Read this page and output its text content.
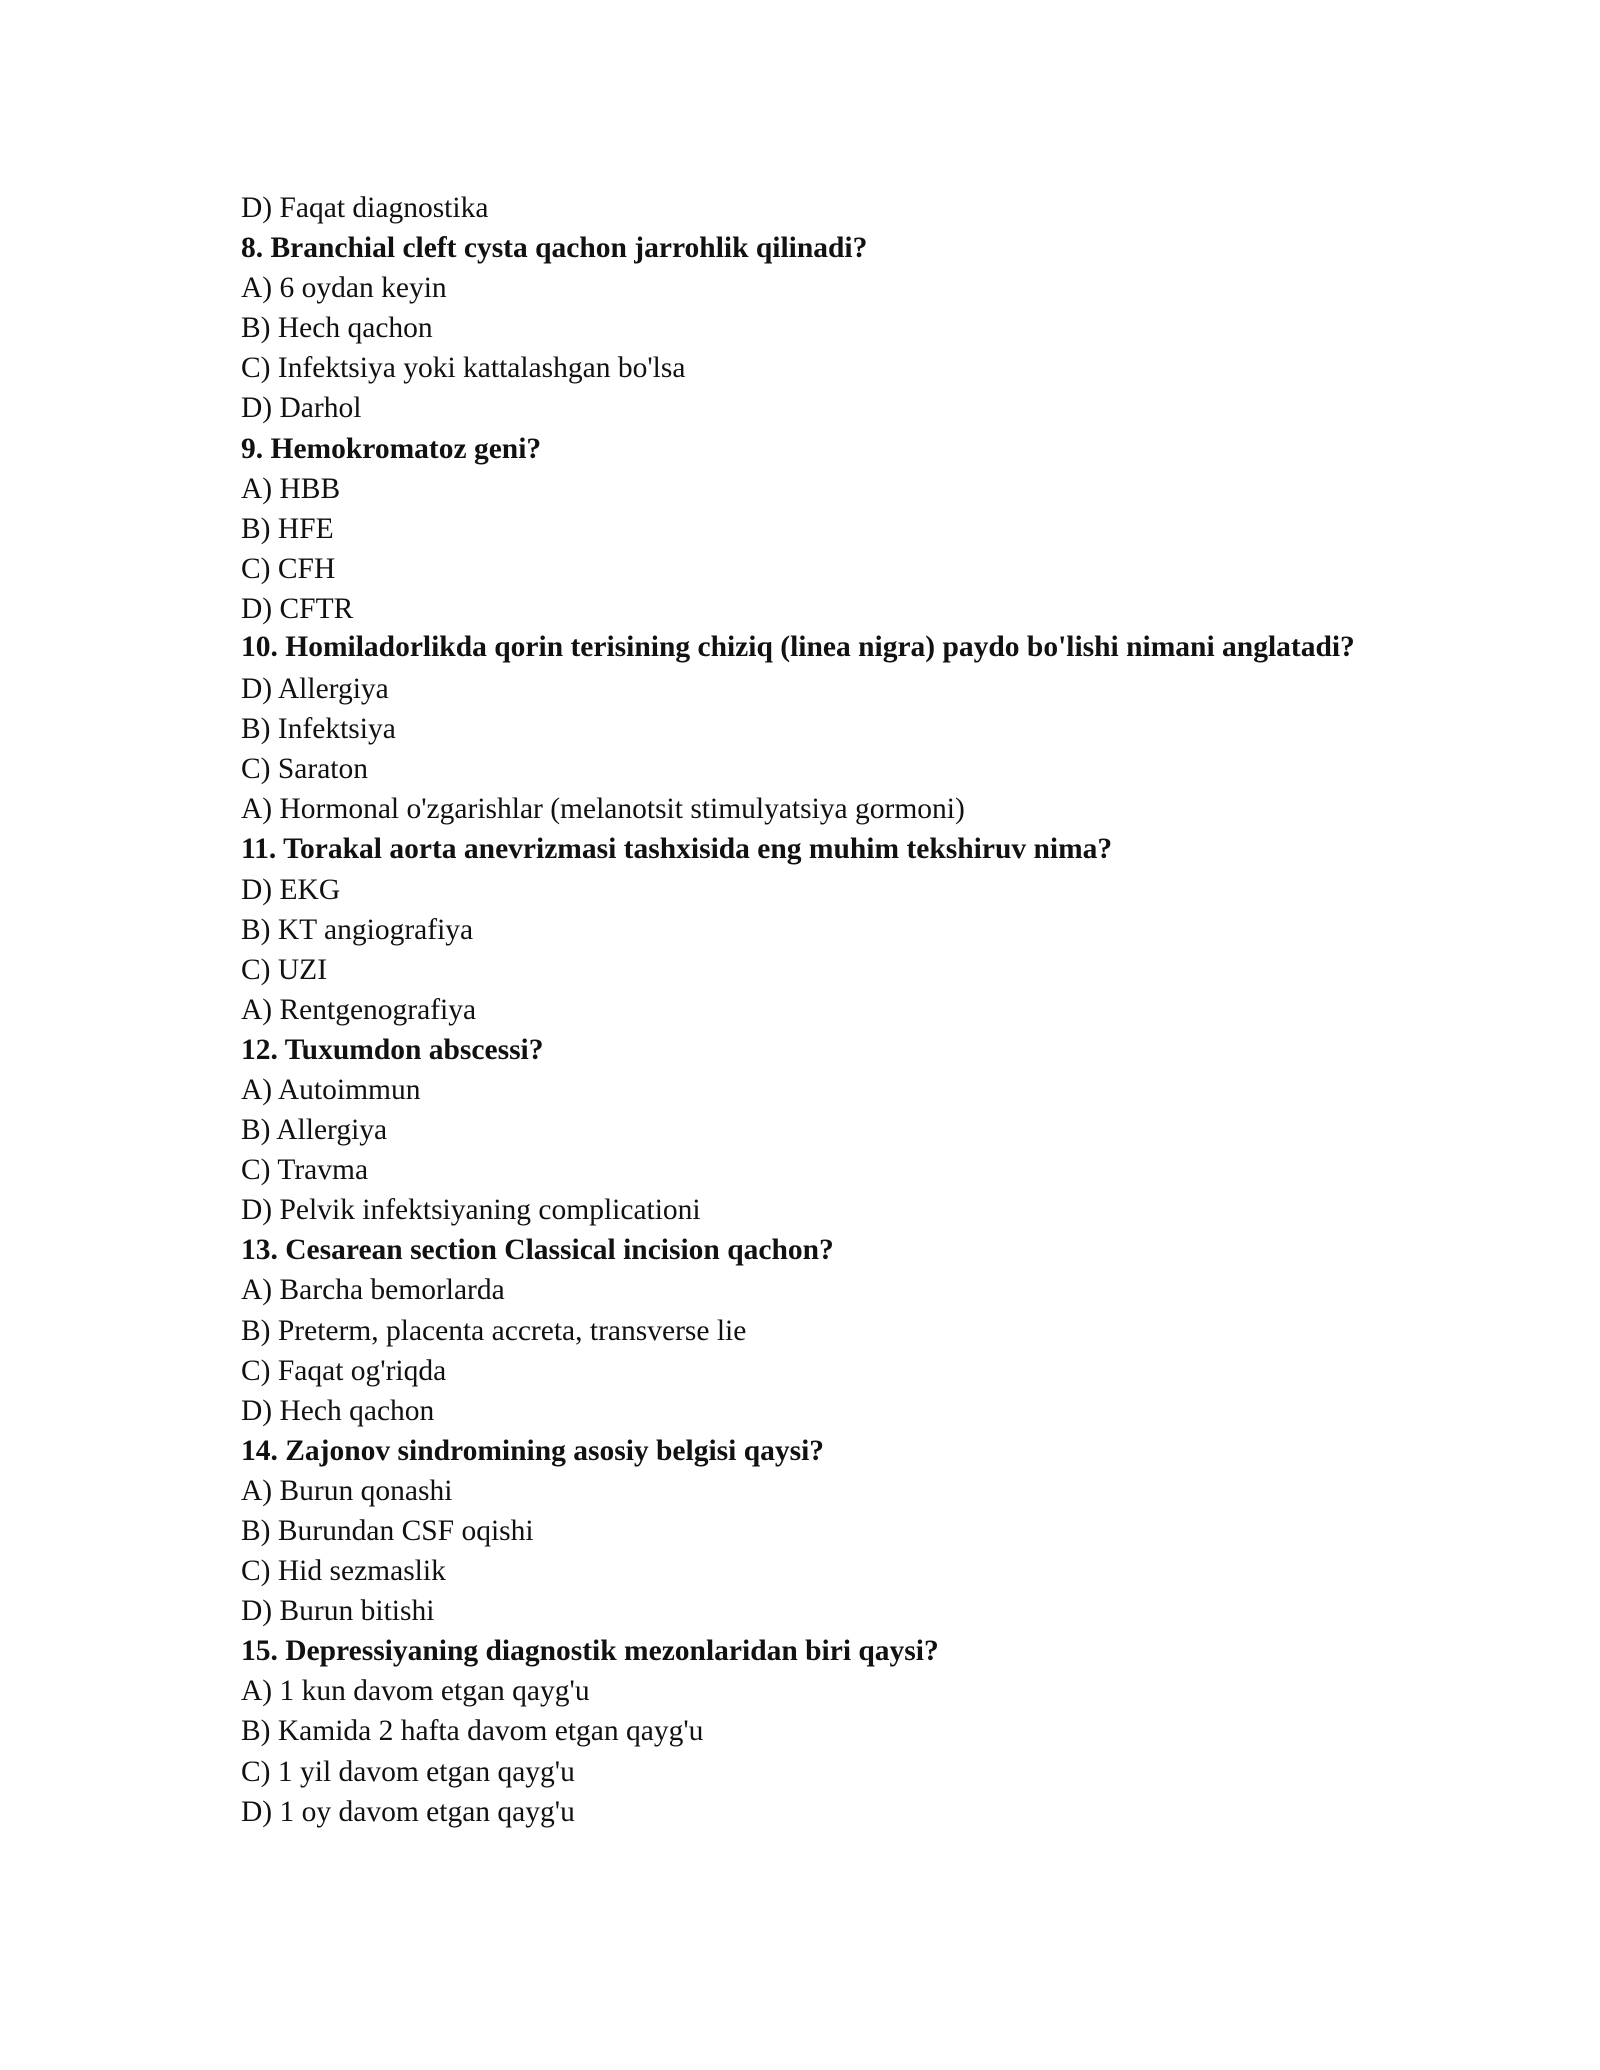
D) Faqat diagnostika
8. Branchial cleft cysta qachon jarrohlik qilinadi?
A) 6 oydan keyin
B) Hech qachon
C) Infektsiya yoki kattalashgan bo'lsa
D) Darhol
9. Hemokromatoz geni?
A) HBB
B) HFE
C) CFH
D) CFTR
10. Homiladorlikda qorin terisining chiziq (linea nigra) paydo bo'lishi nimani anglatadi?
D) Allergiya
B) Infektsiya
C) Saraton
A) Hormonal o'zgarishlar (melanotsit stimulyatsiya gormoni)
11. Torakal aorta anevrizmasi tashxisida eng muhim tekshiruv nima?
D) EKG
B) KT angiografiya
C) UZI
A) Rentgenografiya
12. Tuxumdon abscessi?
A) Autoimmun
B) Allergiya
C) Travma
D) Pelvik infektsiyaning complicationi
13. Cesarean section Classical incision qachon?
A) Barcha bemorlarda
B) Preterm, placenta accreta, transverse lie
C) Faqat og'riqda
D) Hech qachon
14. Zajonov sindromining asosiy belgisi qaysi?
A) Burun qonashi
B) Burundan CSF oqishi
C) Hid sezmaslik
D) Burun bitishi
15. Depressiyaning diagnostik mezonlaridan biri qaysi?
A) 1 kun davom etgan qayg'u
B) Kamida 2 hafta davom etgan qayg'u
C) 1 yil davom etgan qayg'u
D) 1 oy davom etgan qayg'u
